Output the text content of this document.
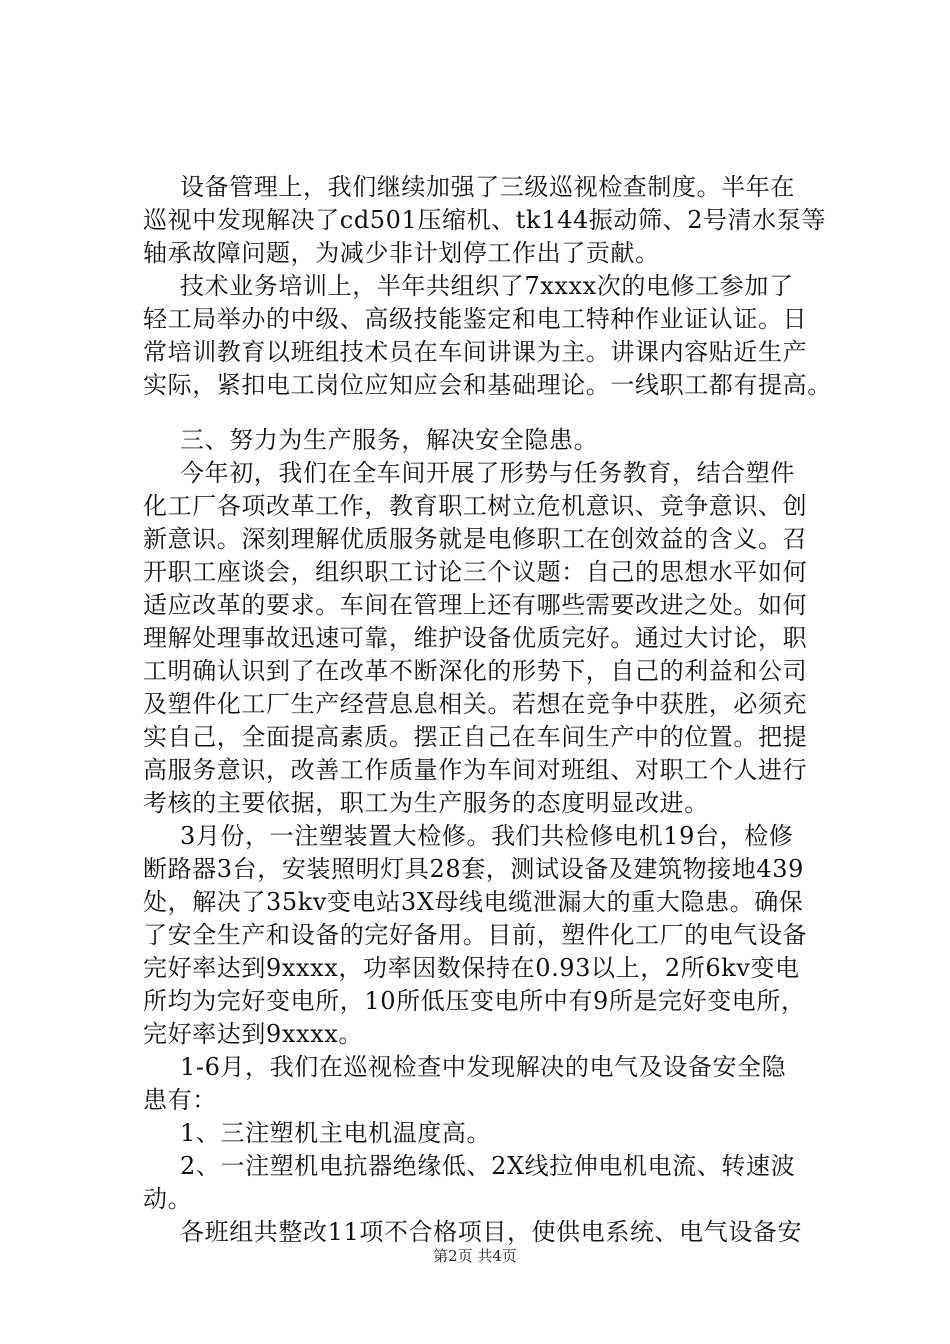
设备管理上，我们继续加强了三级巡视检查制度。半年在
巡视中发现解决了cd501压缩机、tk144振动筛、2号清水泵等
轴承故障问题，为减少非计划停工作出了贡献。
技术业务培训上，半年共组织了7xxxx次的电修工参加了
轻工局举办的中级、高级技能鉴定和电工特种作业证认证。日
常培训教育以班组技术员在车间讲课为主。讲课内容贴近生产
实际，紧扣电工岗位应知应会和基础理论。一线职工都有提高。
三、努力为生产服务，解决安全隐患。
今年初，我们在全车间开展了形势与任务教育，结合塑件
化工厂各项改革工作，教育职工树立危机意识、竞争意识、创
新意识。深刻理解优质服务就是电修职工在创效益的含义。召
开职工座谈会，组织职工讨论三个议题：自己的思想水平如何
适应改革的要求。车间在管理上还有哪些需要改进之处。如何
理解处理事故迅速可靠，维护设备优质完好。通过大讨论，职
工明确认识到了在改革不断深化的形势下，自己的利益和公司
及塑件化工厂生产经营息息相关。若想在竞争中获胜，必须充
实自己，全面提高素质。摆正自己在车间生产中的位置。把提
高服务意识，改善工作质量作为车间对班组、对职工个人进行
考核的主要依据，职工为生产服务的态度明显改进。
3月份，一注塑装置大检修。我们共检修电机19台，检修
断路器3台，安装照明灯具28套，测试设备及建筑物接地439
处，解决了35kv变电站3X母线电缆泄漏大的重大隐患。确保
了安全生产和设备的完好备用。目前，塑件化工厂的电气设备
完好率达到9xxxx，功率因数保持在0.93以上，2所6kv变电
所均为完好变电所，10所低压变电所中有9所是完好变电所，
完好率达到9xxxx。
1-6月，我们在巡视检查中发现解决的电气及设备安全隐
患有：
1、三注塑机主电机温度高。
2、一注塑机电抗器绝缘低、2X线拉伸电机电流、转速波
动。
各班组共整改11项不合格项目，使供电系统、电气设备安
第2页 共4页
